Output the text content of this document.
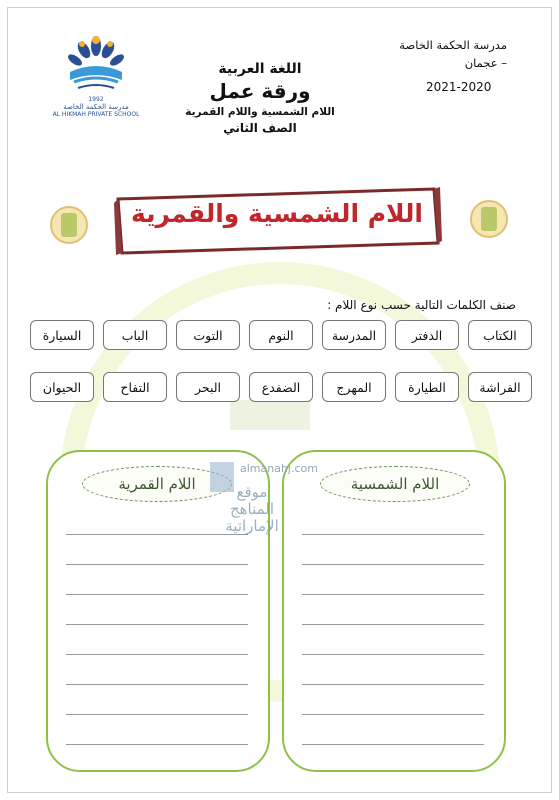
مدرسة الحكمة الخاصة
– عجمان
2021-2020
1992
مدرسة الحكمة الخاصة
AL HIKMAH PRIVATE SCHOOL
اللغة العربية
ورقة عمل
اللام الشمسية واللام القمرية
الصف الثاني
اللام الشمسية والقمرية
صنف الكلمات التالية حسب نوع اللام :
الكتاب
الدفتر
المدرسة
النوم
التوت
الباب
السيارة
الفراشة
الطيارة
المهرج
الضفدع
البحر
التفاح
الحيوان
اللام القمرية	اللام الشمسية
almanahj.com
موقع
المناهج الإماراتية
